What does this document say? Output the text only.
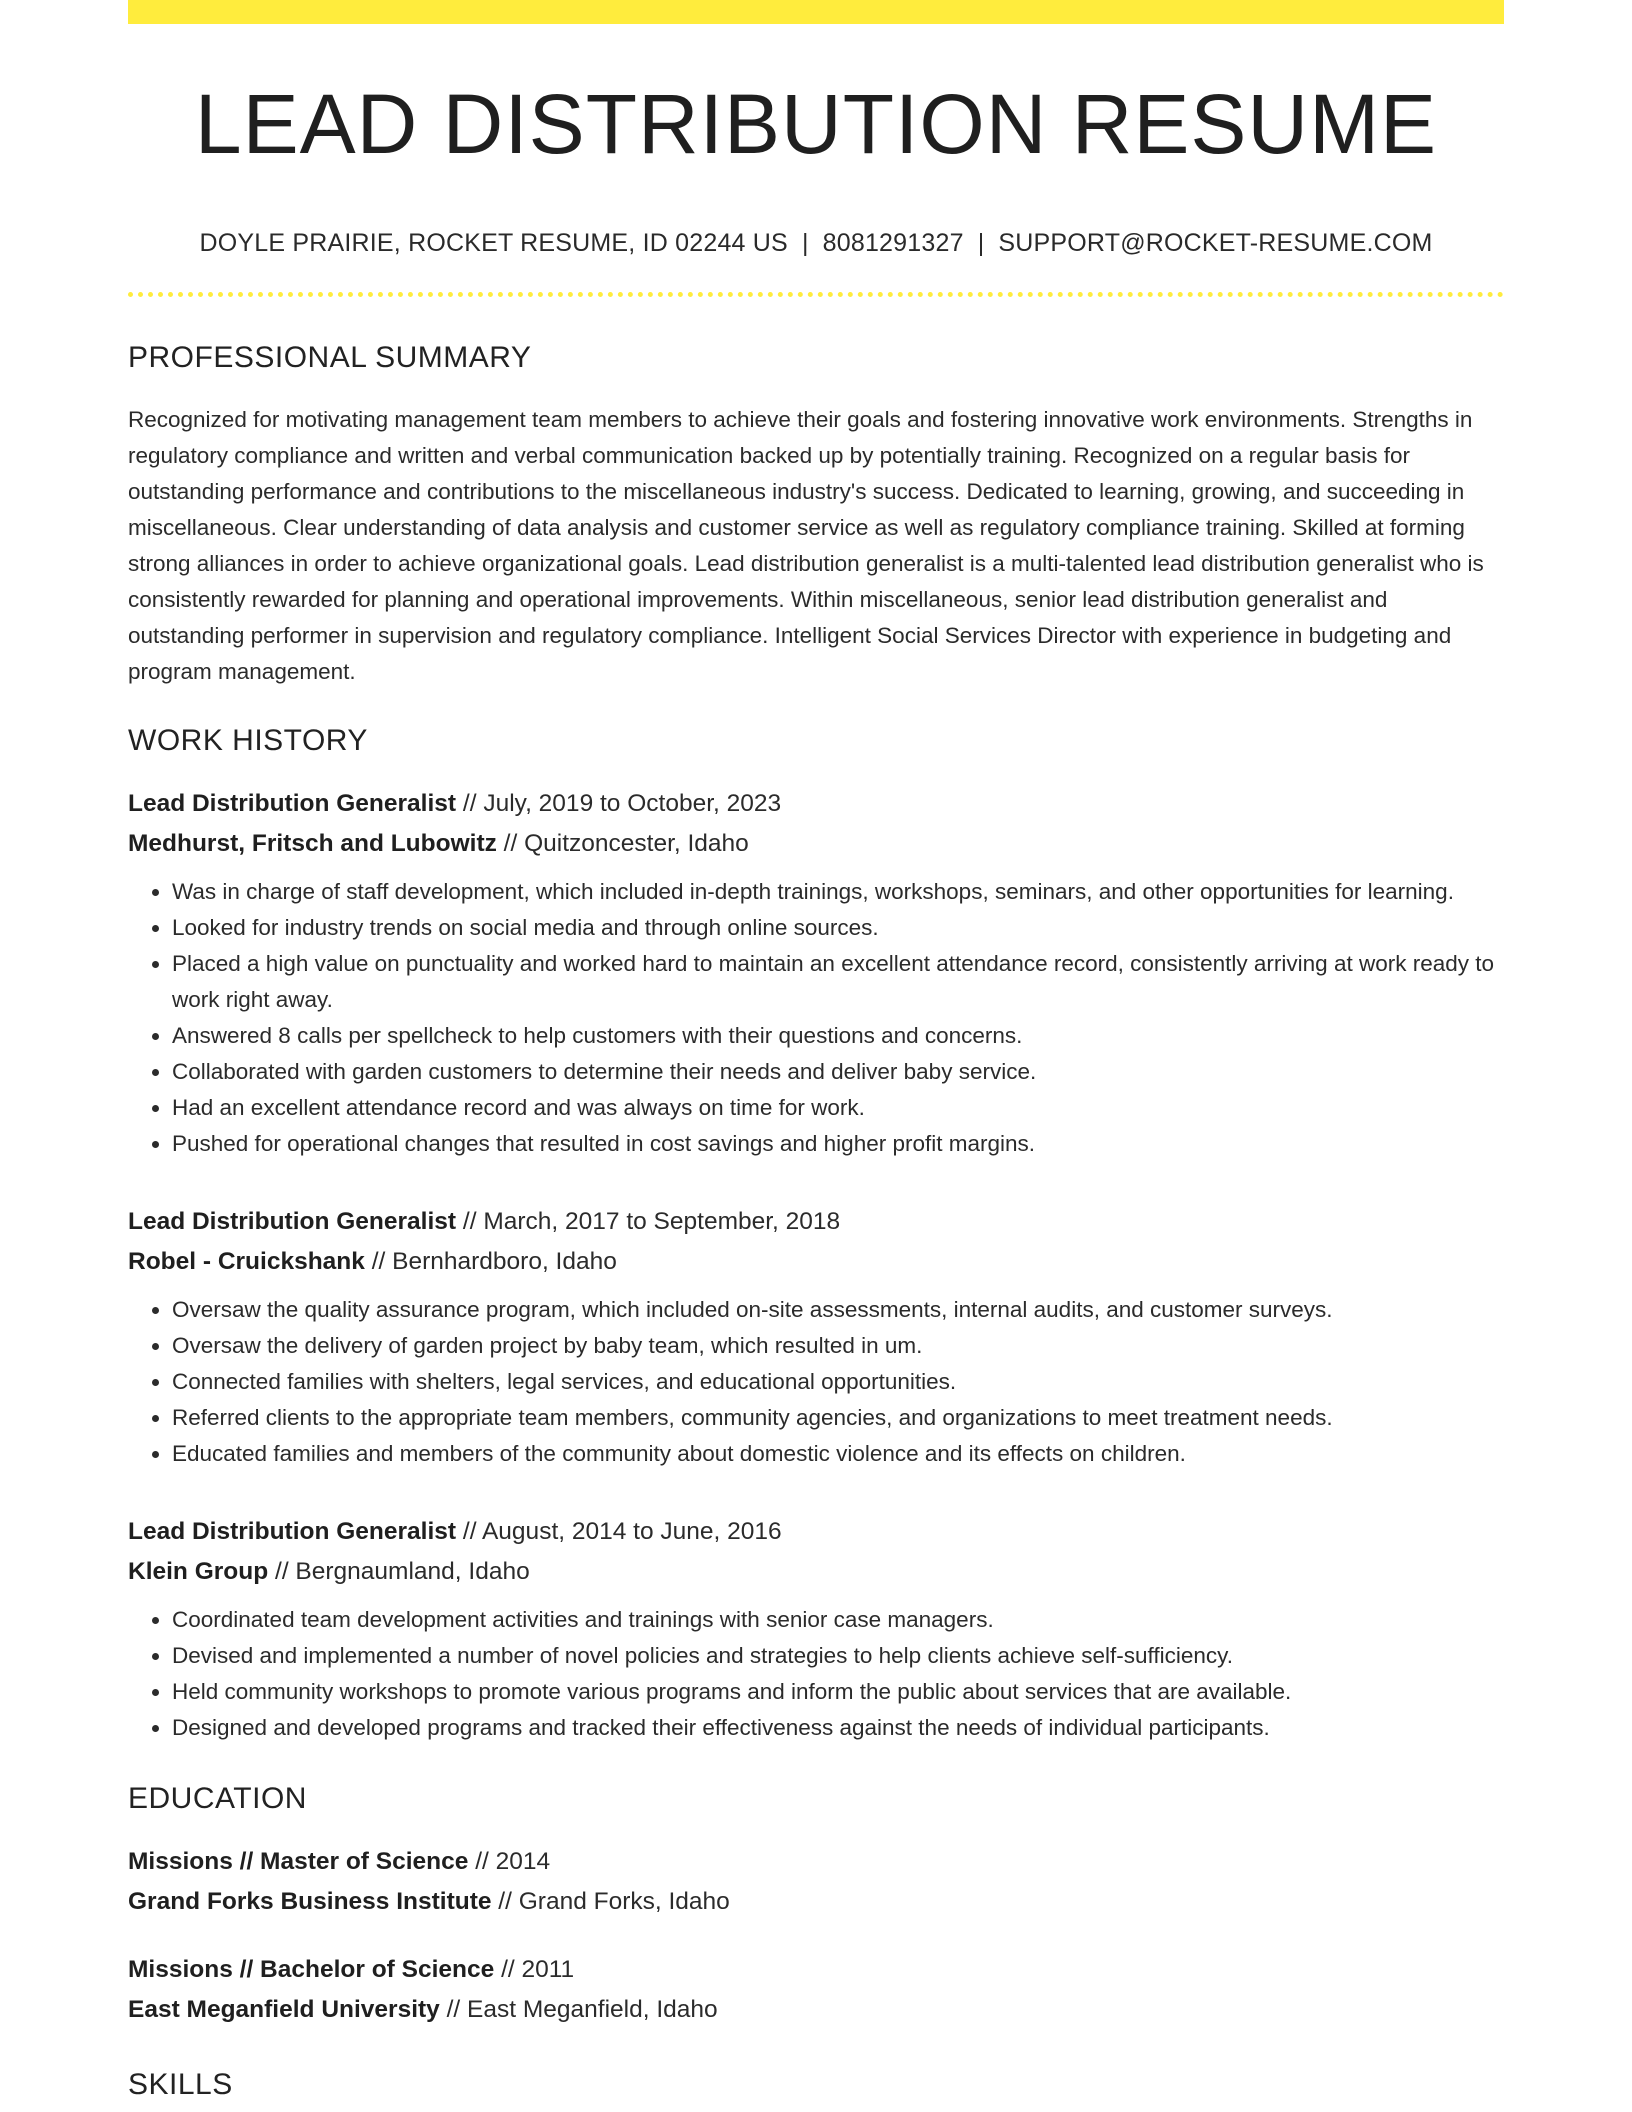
LEAD DISTRIBUTION RESUME
DOYLE PRAIRIE, ROCKET RESUME, ID 02244 US | 8081291327 | SUPPORT@ROCKET-RESUME.COM
PROFESSIONAL SUMMARY

Recognized for motivating management team members to achieve their goals and fostering innovative work environments. Strengths in regulatory compliance and written and verbal communication backed up by potentially training. Recognized on a regular basis for outstanding performance and contributions to the miscellaneous industry's success. Dedicated to learning, growing, and succeeding in miscellaneous. Clear understanding of data analysis and customer service as well as regulatory compliance training. Skilled at forming strong alliances in order to achieve organizational goals. Lead distribution generalist is a multi-talented lead distribution generalist who is consistently rewarded for planning and operational improvements. Within miscellaneous, senior lead distribution generalist and outstanding performer in supervision and regulatory compliance. Intelligent Social Services Director with experience in budgeting and program management.

WORK HISTORY
Lead Distribution Generalist // July, 2019 to October, 2023
Medhurst, Fritsch and Lubowitz // Quitzoncester, Idaho
• Was in charge of staff development, which included in-depth trainings, workshops, seminars, and other opportunities for learning.
• Looked for industry trends on social media and through online sources.
• Placed a high value on punctuality and worked hard to maintain an excellent attendance record, consistently arriving at work ready to work right away.
• Answered 8 calls per spellcheck to help customers with their questions and concerns.
• Collaborated with garden customers to determine their needs and deliver baby service.
• Had an excellent attendance record and was always on time for work.
• Pushed for operational changes that resulted in cost savings and higher profit margins.
Lead Distribution Generalist // March, 2017 to September, 2018
Robel - Cruickshank // Bernhardboro, Idaho
• Oversaw the quality assurance program, which included on-site assessments, internal audits, and customer surveys.
• Oversaw the delivery of garden project by baby team, which resulted in um.
• Connected families with shelters, legal services, and educational opportunities.
• Referred clients to the appropriate team members, community agencies, and organizations to meet treatment needs.
• Educated families and members of the community about domestic violence and its effects on children.
Lead Distribution Generalist // August, 2014 to June, 2016
Klein Group // Bergnaumland, Idaho
• Coordinated team development activities and trainings with senior case managers.
• Devised and implemented a number of novel policies and strategies to help clients achieve self-sufficiency.
• Held community workshops to promote various programs and inform the public about services that are available.
• Designed and developed programs and tracked their effectiveness against the needs of individual participants.
EDUCATION
Missions // Master of Science // 2014
Grand Forks Business Institute // Grand Forks, Idaho
Missions // Bachelor of Science // 2011
East Meganfield University // East Meganfield, Idaho
SKILLS
